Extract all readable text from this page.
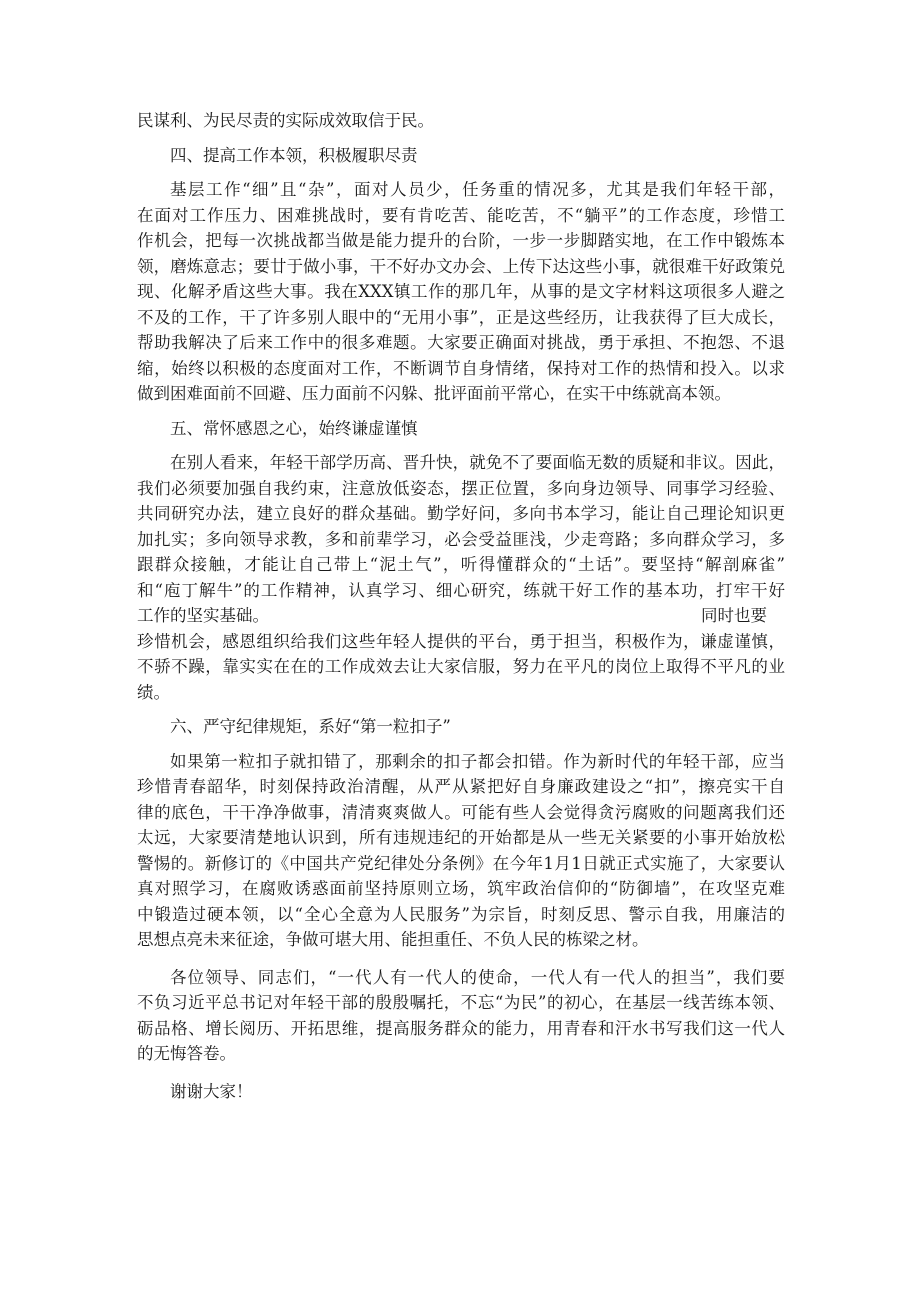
民谋利、为民尽责的实际成效取信于民。
四、提高工作本领，积极履职尽责
基层工作“细”且“杂”，面对人员少，任务重的情况多，尤其是我们年轻干部，
在面对工作压力、困难挑战时，要有肯吃苦、能吃苦，不“躺平”的工作态度，珍惜工
作机会，把每一次挑战都当做是能力提升的台阶，一步一步脚踏实地，在工作中锻炼本
领，磨炼意志；要廿于做小事，干不好办文办会、上传下达这些小事，就很难干好政策兑
现、化解矛盾这些大事。我在XXX镇工作的那几年，从事的是文字材料这项很多人避之
不及的工作，干了许多别人眼中的“无用小事”，正是这些经历，让我获得了巨大成长，
帮助我解决了后来工作中的很多难题。大家要正确面对挑战，勇于承担、不抱怨、不退
缩，始终以积极的态度面对工作，不断调节自身情绪，保持对工作的热情和投入。以求
做到困难面前不回避、压力面前不闪躲、批评面前平常心，在实干中练就高本领。
五、常怀感恩之心，始终谦虚谨慎
在别人看来，年轻干部学历高、晋升快，就免不了要面临无数的质疑和非议。因此，
我们必须要加强自我约束，注意放低姿态，摆正位置，多向身边领导、同事学习经验、
共同研究办法，建立良好的群众基础。勤学好问，多向书本学习，能让自己理论知识更
加扎实；多向领导求教，多和前辈学习，必会受益匪浅，少走弯路；多向群众学习，多
跟群众接触，才能让自己带上“泥土气”，听得懂群众的“土话”。要坚持“解剖麻雀”
和“庖丁解牛”的工作精神，认真学习、细心研究，练就干好工作的基本功，打牢干好
工作的坚实基础。	同时也要
珍惜机会，感恩组织给我们这些年轻人提供的平台，勇于担当，积极作为，谦虚谨慎，
不骄不躁，靠实实在在的工作成效去让大家信服，努力在平凡的岗位上取得不平凡的业
绩。
六、严守纪律规矩，系好“第一粒扣子”
如果第一粒扣子就扣错了，那剩余的扣子都会扣错。作为新时代的年轻干部，应当
珍惜青春韶华，时刻保持政治清醒，从严从紧把好自身廉政建设之“扣”，擦亮实干自
律的底色，干干净净做事，清清爽爽做人。可能有些人会觉得贪污腐败的问题离我们还
太远，大家要清楚地认识到，所有违规违纪的开始都是从一些无关紧要的小事开始放松
警惕的。新修订的《中国共产党纪律处分条例》在今年1月1日就正式实施了，大家要认
真对照学习，在腐败诱惑面前坚持原则立场，筑牢政治信仰的“防御墙”，在攻坚克难
中锻造过硬本领，以“全心全意为人民服务”为宗旨，时刻反思、警示自我，用廉洁的
思想点亮未来征途，争做可堪大用、能担重任、不负人民的栋梁之材。
各位领导、同志们，“一代人有一代人的使命，一代人有一代人的担当”，我们要
不负习近平总书记对年轻干部的殷殷嘱托，不忘“为民”的初心，在基层一线苦练本领、
砺品格、增长阅历、开拓思维，提高服务群众的能力，用青春和汗水书写我们这一代人
的无悔答卷。
谢谢大家！
